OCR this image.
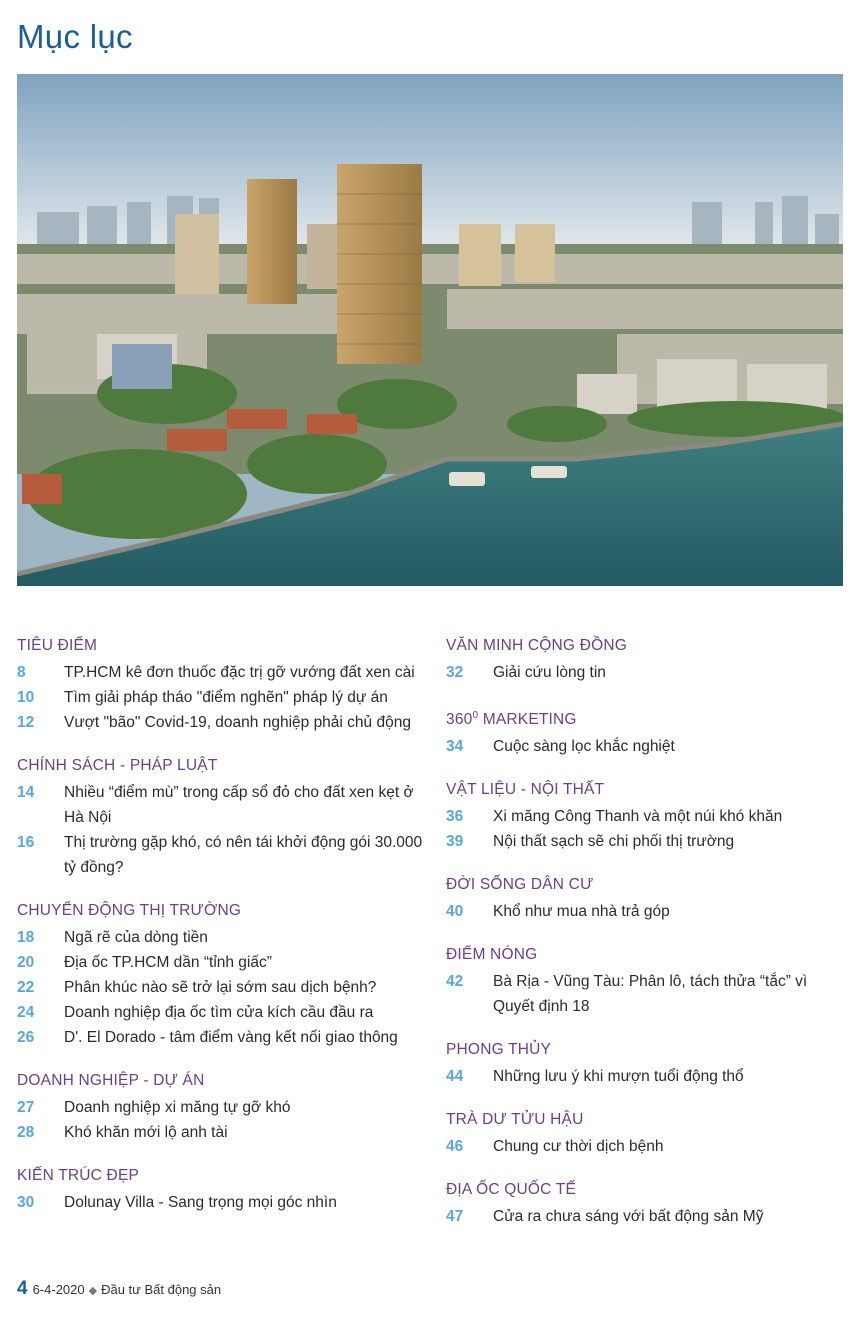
Mục lục
TIÊU ĐIỂM
8	TP.HCM kê đơn thuốc đặc trị gỡ vướng đất xen cài
10	Tìm giải pháp tháo "điểm nghẽn" pháp lý dự án
12	Vượt "bão" Covid-19, doanh nghiệp phải chủ động
CHÍNH SÁCH - PHÁP LUẬT
14	Nhiều “điểm mù” trong cấp sổ đỏ cho đất xen kẹt ở Hà Nội
16	Thị trường gặp khó, có nên tái khởi động gói 30.000 tỷ đồng?
CHUYỂN ĐỘNG THỊ TRƯỜNG
18	Ngã rẽ của dòng tiền
20	Địa ốc TP.HCM dần “tỉnh giấc”
22	Phân khúc nào sẽ trở lại sớm sau dịch bệnh?
24	Doanh nghiệp địa ốc tìm cửa kích cầu đầu ra
26	D'. El Dorado - tâm điểm vàng kết nối giao thông
DOANH NGHIỆP - DỰ ÁN
27	Doanh nghiệp xi măng tự gỡ khó
28	Khó khăn mới lộ anh tài
KIẾN TRÚC ĐẸP
30	Dolunay Villa - Sang trọng mọi góc nhìn
VĂN MINH CỘNG ĐỒNG
32	Giải cứu lòng tin
$360^0$ MARKETING
34	Cuộc sàng lọc khắc nghiệt
VẬT LIỆU - NỘI THẤT
36	Xi măng Công Thanh và một núi khó khăn
39	Nội thất sạch sẽ chi phối thị trường
ĐỜI SỐNG DÂN CƯ
40	Khổ như mua nhà trả góp
ĐIỂM NÓNG
42	Bà Rịa - Vũng Tàu: Phân lô, tách thửa “tắc” vì Quyết định 18
PHONG THỦY
44	Những lưu ý khi mượn tuổi động thổ
TRÀ DƯ TỬU HẬU
46	Chung cư thời dịch bệnh
ĐỊA ỐC QUỐC TẾ
47	Cửa ra chưa sáng với bất động sản Mỹ
4 6-4-2020 ◆ Đầu tư Bất động sản
